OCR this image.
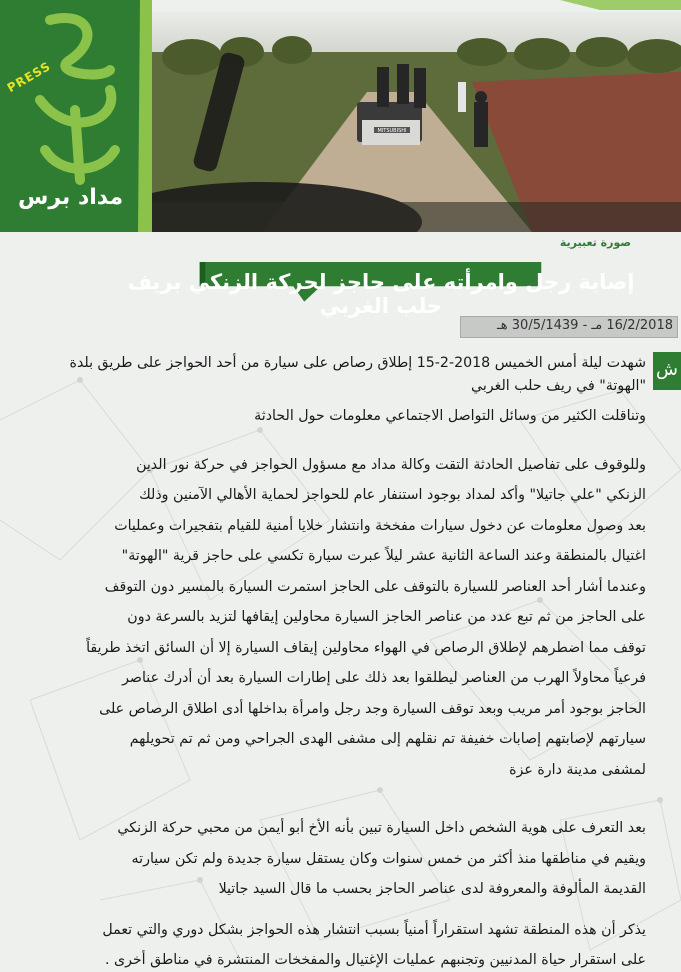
MITSUBISHI
صورة تعبيرية
PRESS
مداد برس
إصابة رجل وامرأته على حاجز لحركة الزنكي بريف حلب الغربي
16/2/2018 مـ - 30/5/1439 هـ
ش

شهدت ليلة أمس الخميس 2018-2-15 إطلاق رصاص على سيارة من أحد الحواجز على طريق بلدة

"الهوتة" في ريف حلب الغربي

وتناقلت الكثير من وسائل التواصل الاجتماعي معلومات حول الحادثة

وللوقوف على تفاصيل الحادثة التقت وكالة مداد مع مسؤول الحواجز في حركة نور الدين

الزنكي "علي جاتيلا" وأكد لمداد بوجود استنفار عام للحواجز لحماية الأهالي الآمنين وذلك

بعد وصول معلومات عن دخول سيارات مفخخة وانتشار خلايا أمنية للقيام بتفجيرات وعمليات

اغتيال بالمنطقة وعند الساعة الثانية عشر ليلاً عبرت سيارة تكسي على حاجز قرية "الهوتة"

وعندما أشار أحد العناصر للسيارة بالتوقف على الحاجز استمرت السيارة بالمسير دون التوقف

على الحاجز من ثم تبع عدد من عناصر الحاجز السيارة محاولين إيقافها لتزيد بالسرعة دون

توقف مما اضطرهم لإطلاق الرصاص في الهواء محاولين إيقاف السيارة إلا أن السائق اتخذ طريقاً

فرعياً محاولاً الهرب من العناصر ليطلقوا بعد ذلك على إطارات السيارة بعد أن أدرك عناصر

الحاجز بوجود أمر مريب وبعد توقف السيارة وجد رجل وامرأة بداخلها أدى اطلاق الرصاص على

سيارتهم لإصابتهم إصابات خفيفة تم نقلهم إلى مشفى الهدى الجراحي ومن ثم تم تحويلهم

لمشفى مدينة دارة عزة

بعد التعرف على هوية الشخص داخل السيارة تبين بأنه الأخ أبو أيمن من محبي حركة الزنكي

ويقيم في مناطقها منذ أكثر من خمس سنوات وكان يستقل سيارة جديدة ولم تكن سيارته

القديمة المألوفة والمعروفة لدى عناصر الحاجز بحسب ما قال السيد جاتيلا

يذكر أن هذه المنطقة تشهد استقراراً أمنياً بسبب انتشار هذه الحواجز بشكل دوري والتي تعمل

على استقرار حياة المدنيين وتجنبهم عمليات الإغتيال والمفخخات المنتشرة في مناطق أخرى .
